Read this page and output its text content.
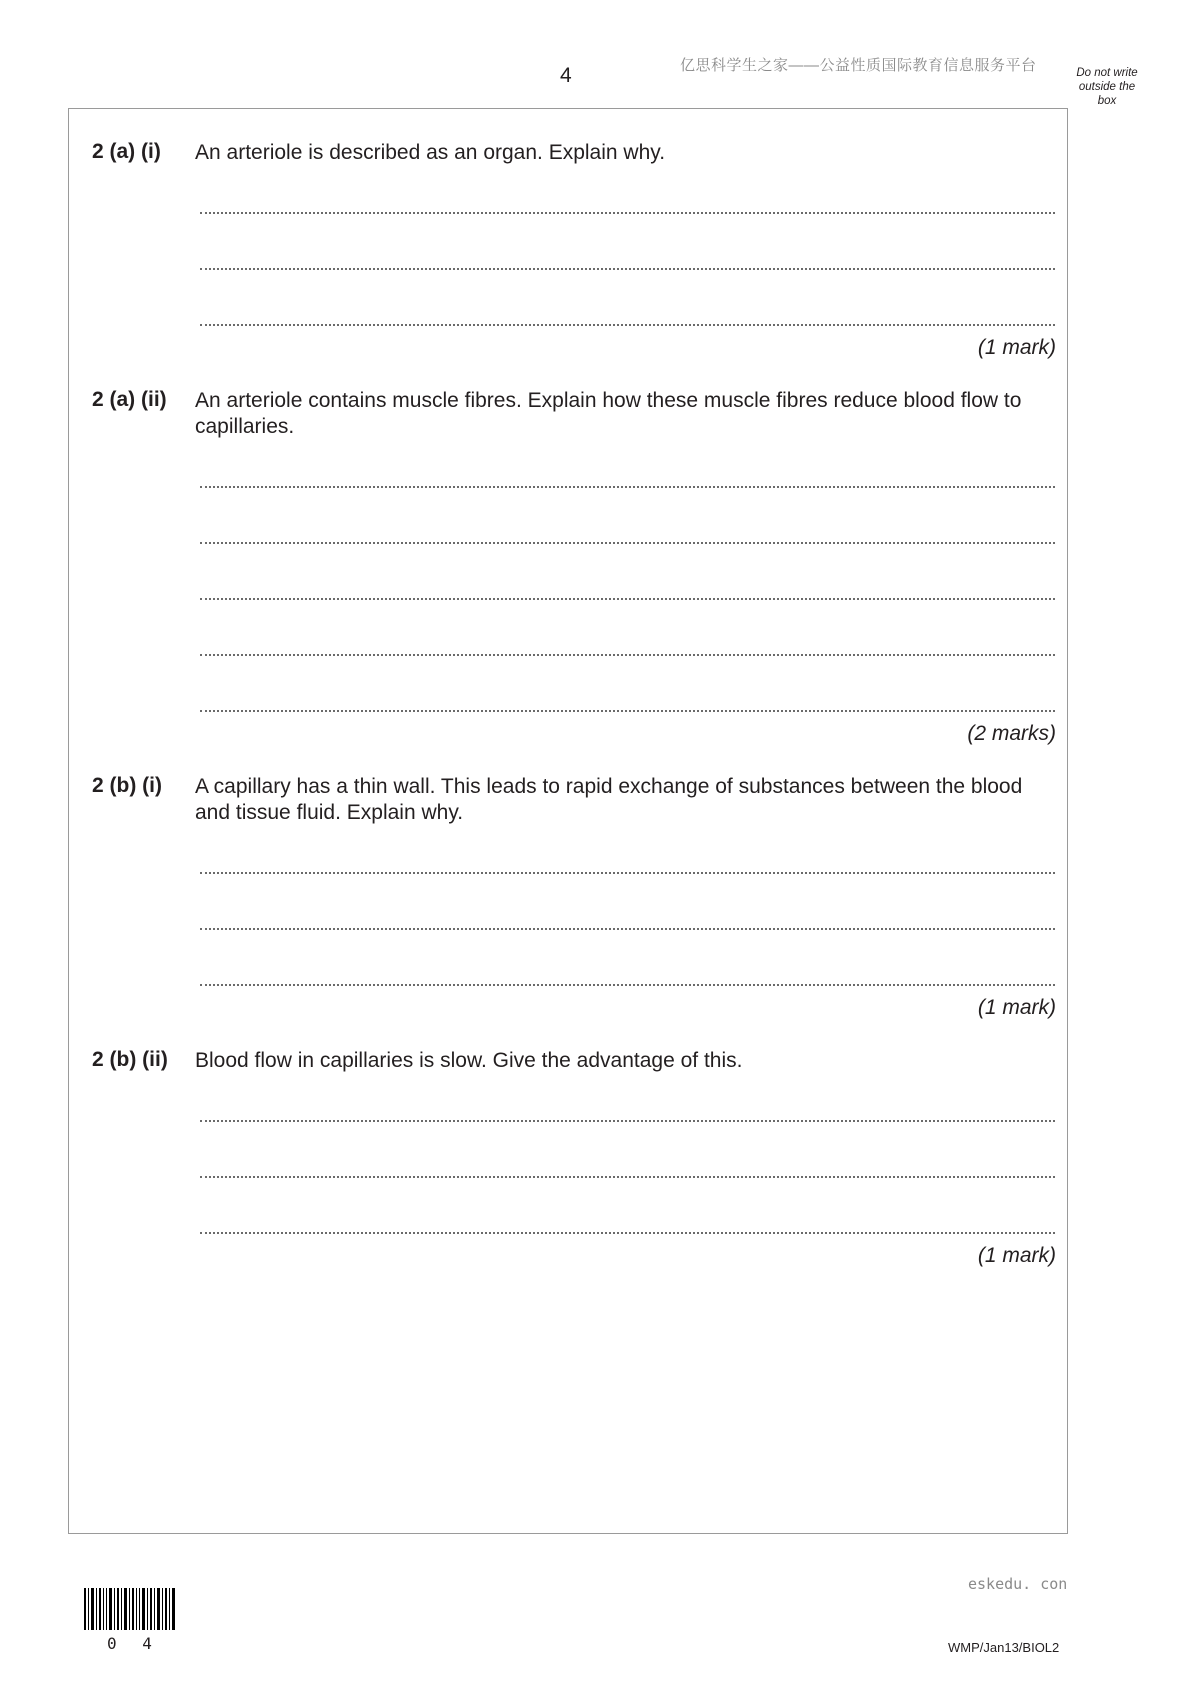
4	亿思科学生之家——公益性质国际教育信息服务平台	Do not write outside the box
2 (a) (i) An arteriole is described as an organ. Explain why.
(1 mark)
2 (a) (ii) An arteriole contains muscle fibres. Explain how these muscle fibres reduce blood flow to capillaries.
(2 marks)
2 (b) (i) A capillary has a thin wall. This leads to rapid exchange of substances between the blood and tissue fluid. Explain why.
(1 mark)
2 (b) (ii) Blood flow in capillaries is slow. Give the advantage of this.
(1 mark)
eskedu. con
0 4	WMP/Jan13/BIOL2
